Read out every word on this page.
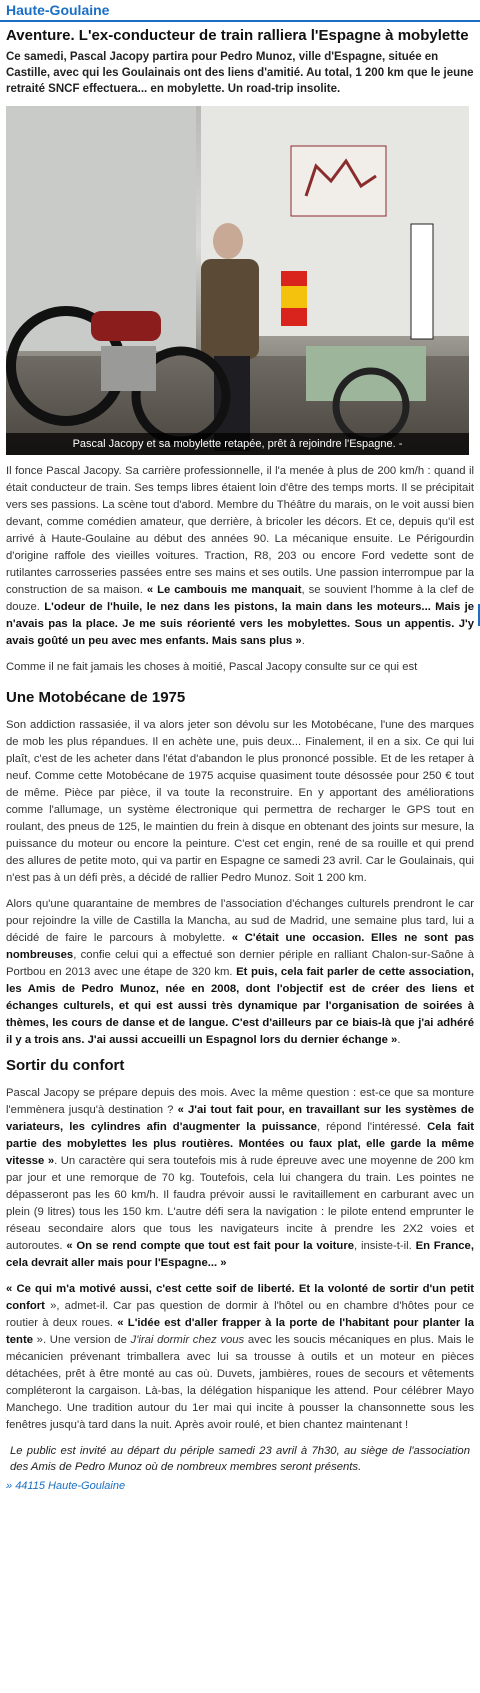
Haute-Goulaine
Aventure. L'ex-conducteur de train ralliera l'Espagne à mobylette
Ce samedi, Pascal Jacopy partira pour Pedro Munoz, ville d'Espagne, située en Castille, avec qui les Goulainais ont des liens d'amitié. Au total, 1 200 km que le jeune retraité SNCF effectuera... en mobylette. Un road-trip insolite.
Pascal Jacopy et sa mobylette retapée, prêt à rejoindre l'Espagne. -

Il fonce Pascal Jacopy. Sa carrière professionnelle, il l'a menée à plus de 200 km/h : quand il était conducteur de train. Ses temps libres étaient loin d'être des temps morts. Il se précipitait vers ses passions. La scène tout d'abord. Membre du Théâtre du marais, on le voit aussi bien devant, comme comédien amateur, que derrière, à bricoler les décors. Et ce, depuis qu'il est arrivé à Haute-Goulaine au début des années 90. La mécanique ensuite. Le Périgourdin d'origine raffole des vieilles voitures. Traction, R8, 203 ou encore Ford vedette sont de rutilantes carrosseries passées entre ses mains et ses outils. Une passion interrompue par la construction de sa maison. « Le cambouis me manquait, se souvient l'homme à la clef de douze. L'odeur de l'huile, le nez dans les pistons, la main dans les moteurs... Mais je n'avais pas la place. Je me suis réorienté vers les mobylettes. Sous un appentis. J'y avais goûté un peu avec mes enfants. Mais sans plus ».

Comme il ne fait jamais les choses à moitié, Pascal Jacopy consulte sur ce qui est

Une Motobécane de 1975

Son addiction rassasiée, il va alors jeter son dévolu sur les Motobécane, l'une des marques de mob les plus répandues. Il en achète une, puis deux... Finalement, il en a six. Ce qui lui plaît, c'est de les acheter dans l'état d'abandon le plus prononcé possible. Et de les retaper à neuf. Comme cette Motobécane de 1975 acquise quasiment toute désossée pour 250 € tout de même. Pièce par pièce, il va toute la reconstruire. En y apportant des améliorations comme l'allumage, un système électronique qui permettra de recharger le GPS tout en roulant, des pneus de 125, le maintien du frein à disque en obtenant des joints sur mesure, la puissance du moteur ou encore la peinture. C'est cet engin, rené de sa rouille et qui prend des allures de petite moto, qui va partir en Espagne ce samedi 23 avril. Car le Goulainais, qui n'est pas à un défi près, a décidé de rallier Pedro Munoz. Soit 1 200 km.

Alors qu'une quarantaine de membres de l'association d'échanges culturels prendront le car pour rejoindre la ville de Castilla la Mancha, au sud de Madrid, une semaine plus tard, lui a décidé de faire le parcours à mobylette. « C'était une occasion. Elles ne sont pas nombreuses, confie celui qui a effectué son dernier périple en ralliant Chalon-sur-Saône à Portbou en 2013 avec une étape de 320 km. Et puis, cela fait parler de cette association, les Amis de Pedro Munoz, née en 2008, dont l'objectif est de créer des liens et échanges culturels, et qui est aussi très dynamique par l'organisation de soirées à thèmes, les cours de danse et de langue. C'est d'ailleurs par ce biais-là que j'ai adhéré il y a trois ans. J'ai aussi accueilli un Espagnol lors du dernier échange ».

Sortir du confort

Pascal Jacopy se prépare depuis des mois. Avec la même question : est-ce que sa monture l'emmènera jusqu'à destination ? « J'ai tout fait pour, en travaillant sur les systèmes de variateurs, les cylindres afin d'augmenter la puissance, répond l'intéressé. Cela fait partie des mobylettes les plus routières. Montées ou faux plat, elle garde la même vitesse ». Un caractère qui sera toutefois mis à rude épreuve avec une moyenne de 200 km par jour et une remorque de 70 kg. Toutefois, cela lui changera du train. Les pointes ne dépasseront pas les 60 km/h. Il faudra prévoir aussi le ravitaillement en carburant avec un plein (9 litres) tous les 150 km. L'autre défi sera la navigation : le pilote entend emprunter le réseau secondaire alors que tous les navigateurs incite à prendre les 2X2 voies et autoroutes. « On se rend compte que tout est fait pour la voiture, insiste-t-il. En France, cela devrait aller mais pour l'Espagne... »

« Ce qui m'a motivé aussi, c'est cette soif de liberté. Et la volonté de sortir d'un petit confort », admet-il. Car pas question de dormir à l'hôtel ou en chambre d'hôtes pour ce routier à deux roues. « L'idée est d'aller frapper à la porte de l'habitant pour planter la tente ». Une version de J'irai dormir chez vous avec les soucis mécaniques en plus. Mais le mécanicien prévenant trimballera avec lui sa trousse à outils et un moteur en pièces détachées, prêt à être monté au cas où. Duvets, jambières, roues de secours et vêtements compléteront la cargaison. Là-bas, la délégation hispanique les attend. Pour célébrer Mayo Manchego. Une tradition autour du 1er mai qui incite à pousser la chansonnette sous les fenêtres jusqu'à tard dans la nuit. Après avoir roulé, et bien chantez maintenant !

Le public est invité au départ du périple samedi 23 avril à 7h30, au siège de l'association des Amis de Pedro Munoz où de nombreux membres seront présents.
» 44115 Haute-Goulaine
